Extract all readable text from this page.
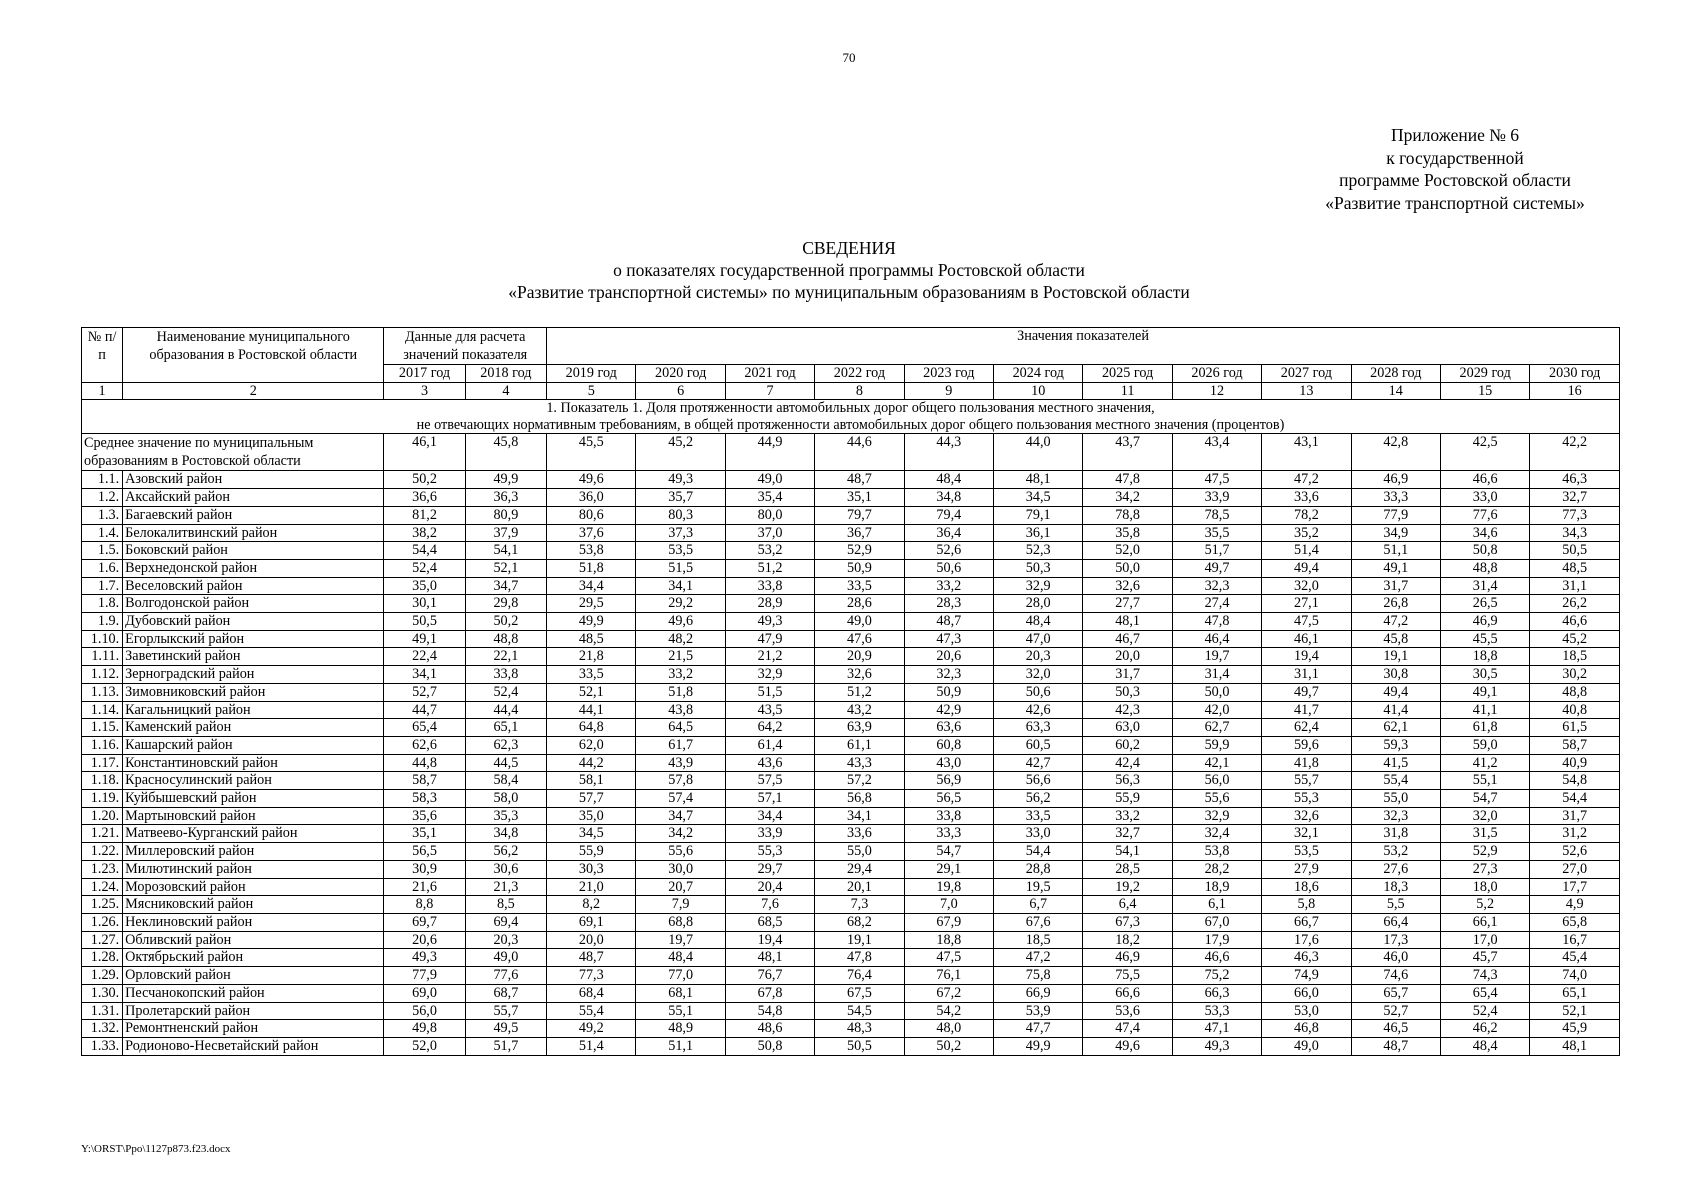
70
Приложение № 6
к государственной
программе Ростовской области
«Развитие транспортной системы»
СВЕДЕНИЯ
о показателях государственной программы Ростовской области
«Развитие транспортной системы» по муниципальным образованиям в Ростовской области
№ п/п	Наименование муниципального образования в Ростовской области	Данные для расчета значений показателя		Значения показателей											
		2017 год	2018 год	2019 год	2020 год	2021 год	2022 год	2023 год	2024 год	2025 год	2026 год	2027 год	2028 год	2029 год	2030 год
1	2	3	4	5	6	7	8	9	10	11	12	13	14	15	16

1. Показатель 1. Доля протяженности автомобильных дорог общего пользования местного значения,
не отвечающих нормативным требованиям, в общей протяженности автомобильных дорог общего пользования местного значения (процентов)															

Среднее значение по муниципальным образованиям в Ростовской области		46,1	45,8	45,5	45,2	44,9	44,6	44,3	44,0	43,7	43,4	43,1	42,8	42,5	42,2
1.1.	Азовский район	50,2	49,9	49,6	49,3	49,0	48,7	48,4	48,1	47,8	47,5	47,2	46,9	46,6	46,3
1.2.	Аксайский район	36,6	36,3	36,0	35,7	35,4	35,1	34,8	34,5	34,2	33,9	33,6	33,3	33,0	32,7
1.3.	Багаевский район	81,2	80,9	80,6	80,3	80,0	79,7	79,4	79,1	78,8	78,5	78,2	77,9	77,6	77,3
1.4.	Белокалитвинский район	38,2	37,9	37,6	37,3	37,0	36,7	36,4	36,1	35,8	35,5	35,2	34,9	34,6	34,3
1.5.	Боковский район	54,4	54,1	53,8	53,5	53,2	52,9	52,6	52,3	52,0	51,7	51,4	51,1	50,8	50,5
1.6.	Верхнедонской район	52,4	52,1	51,8	51,5	51,2	50,9	50,6	50,3	50,0	49,7	49,4	49,1	48,8	48,5
1.7.	Веселовский район	35,0	34,7	34,4	34,1	33,8	33,5	33,2	32,9	32,6	32,3	32,0	31,7	31,4	31,1
1.8.	Волгодонской район	30,1	29,8	29,5	29,2	28,9	28,6	28,3	28,0	27,7	27,4	27,1	26,8	26,5	26,2
1.9.	Дубовский район	50,5	50,2	49,9	49,6	49,3	49,0	48,7	48,4	48,1	47,8	47,5	47,2	46,9	46,6
1.10.	Егорлыкский район	49,1	48,8	48,5	48,2	47,9	47,6	47,3	47,0	46,7	46,4	46,1	45,8	45,5	45,2
1.11.	Заветинский район	22,4	22,1	21,8	21,5	21,2	20,9	20,6	20,3	20,0	19,7	19,4	19,1	18,8	18,5
1.12.	Зерноградский район	34,1	33,8	33,5	33,2	32,9	32,6	32,3	32,0	31,7	31,4	31,1	30,8	30,5	30,2
1.13.	Зимовниковский район	52,7	52,4	52,1	51,8	51,5	51,2	50,9	50,6	50,3	50,0	49,7	49,4	49,1	48,8
1.14.	Кагальницкий район	44,7	44,4	44,1	43,8	43,5	43,2	42,9	42,6	42,3	42,0	41,7	41,4	41,1	40,8
1.15.	Каменский район	65,4	65,1	64,8	64,5	64,2	63,9	63,6	63,3	63,0	62,7	62,4	62,1	61,8	61,5
1.16.	Кашарский район	62,6	62,3	62,0	61,7	61,4	61,1	60,8	60,5	60,2	59,9	59,6	59,3	59,0	58,7
1.17.	Константиновский район	44,8	44,5	44,2	43,9	43,6	43,3	43,0	42,7	42,4	42,1	41,8	41,5	41,2	40,9
1.18.	Красносулинский район	58,7	58,4	58,1	57,8	57,5	57,2	56,9	56,6	56,3	56,0	55,7	55,4	55,1	54,8
1.19.	Куйбышевский район	58,3	58,0	57,7	57,4	57,1	56,8	56,5	56,2	55,9	55,6	55,3	55,0	54,7	54,4
1.20.	Мартыновский район	35,6	35,3	35,0	34,7	34,4	34,1	33,8	33,5	33,2	32,9	32,6	32,3	32,0	31,7
1.21.	Матвеево-Курганский район	35,1	34,8	34,5	34,2	33,9	33,6	33,3	33,0	32,7	32,4	32,1	31,8	31,5	31,2
1.22.	Миллеровский район	56,5	56,2	55,9	55,6	55,3	55,0	54,7	54,4	54,1	53,8	53,5	53,2	52,9	52,6
1.23.	Милютинский район	30,9	30,6	30,3	30,0	29,7	29,4	29,1	28,8	28,5	28,2	27,9	27,6	27,3	27,0
1.24.	Морозовский район	21,6	21,3	21,0	20,7	20,4	20,1	19,8	19,5	19,2	18,9	18,6	18,3	18,0	17,7
1.25.	Мясниковский район	8,8	8,5	8,2	7,9	7,6	7,3	7,0	6,7	6,4	6,1	5,8	5,5	5,2	4,9
1.26.	Неклиновский район	69,7	69,4	69,1	68,8	68,5	68,2	67,9	67,6	67,3	67,0	66,7	66,4	66,1	65,8
1.27.	Обливский район	20,6	20,3	20,0	19,7	19,4	19,1	18,8	18,5	18,2	17,9	17,6	17,3	17,0	16,7
1.28.	Октябрьский район	49,3	49,0	48,7	48,4	48,1	47,8	47,5	47,2	46,9	46,6	46,3	46,0	45,7	45,4
1.29.	Орловский район	77,9	77,6	77,3	77,0	76,7	76,4	76,1	75,8	75,5	75,2	74,9	74,6	74,3	74,0
1.30.	Песчанокопский район	69,0	68,7	68,4	68,1	67,8	67,5	67,2	66,9	66,6	66,3	66,0	65,7	65,4	65,1
1.31.	Пролетарский район	56,0	55,7	55,4	55,1	54,8	54,5	54,2	53,9	53,6	53,3	53,0	52,7	52,4	52,1
1.32.	Ремонтненский район	49,8	49,5	49,2	48,9	48,6	48,3	48,0	47,7	47,4	47,1	46,8	46,5	46,2	45,9
1.33.	Родионово-Несветайский район	52,0	51,7	51,4	51,1	50,8	50,5	50,2	49,9	49,6	49,3	49,0	48,7	48,4	48,1
Y:\ORST\Ppo\1127p873.f23.docx
